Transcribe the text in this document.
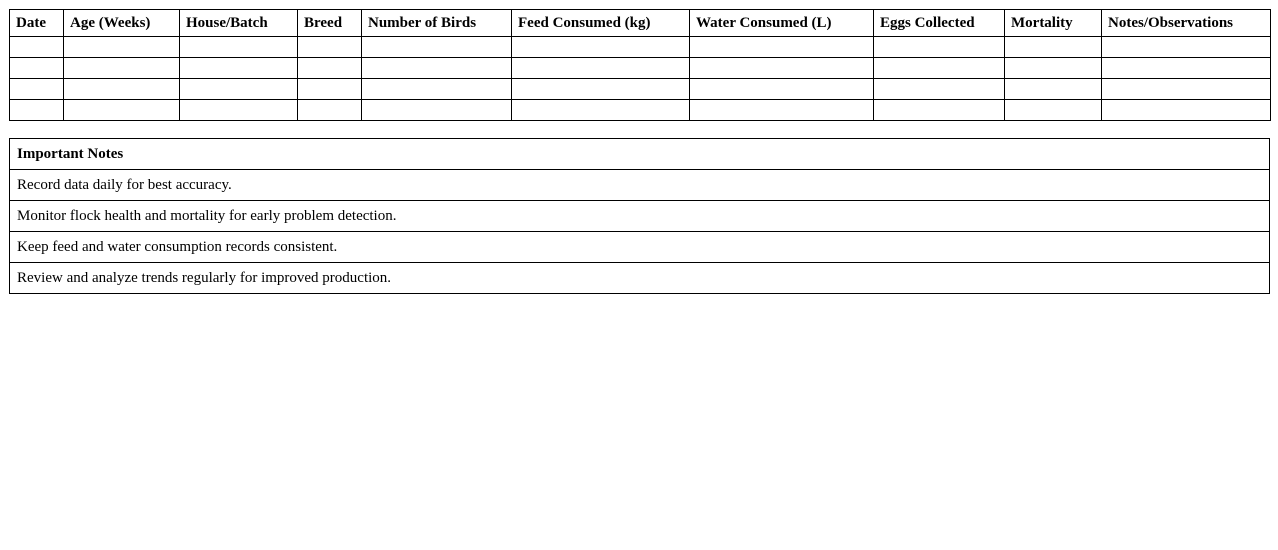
Date	Age (Weeks)	House/Batch	Breed	Number of Birds	Feed Consumed (kg)	Water Consumed (L)	Eggs Collected	Mortality	Notes/Observations

Important Notes
Record data daily for best accuracy.
Monitor flock health and mortality for early problem detection.
Keep feed and water consumption records consistent.
Review and analyze trends regularly for improved production.
